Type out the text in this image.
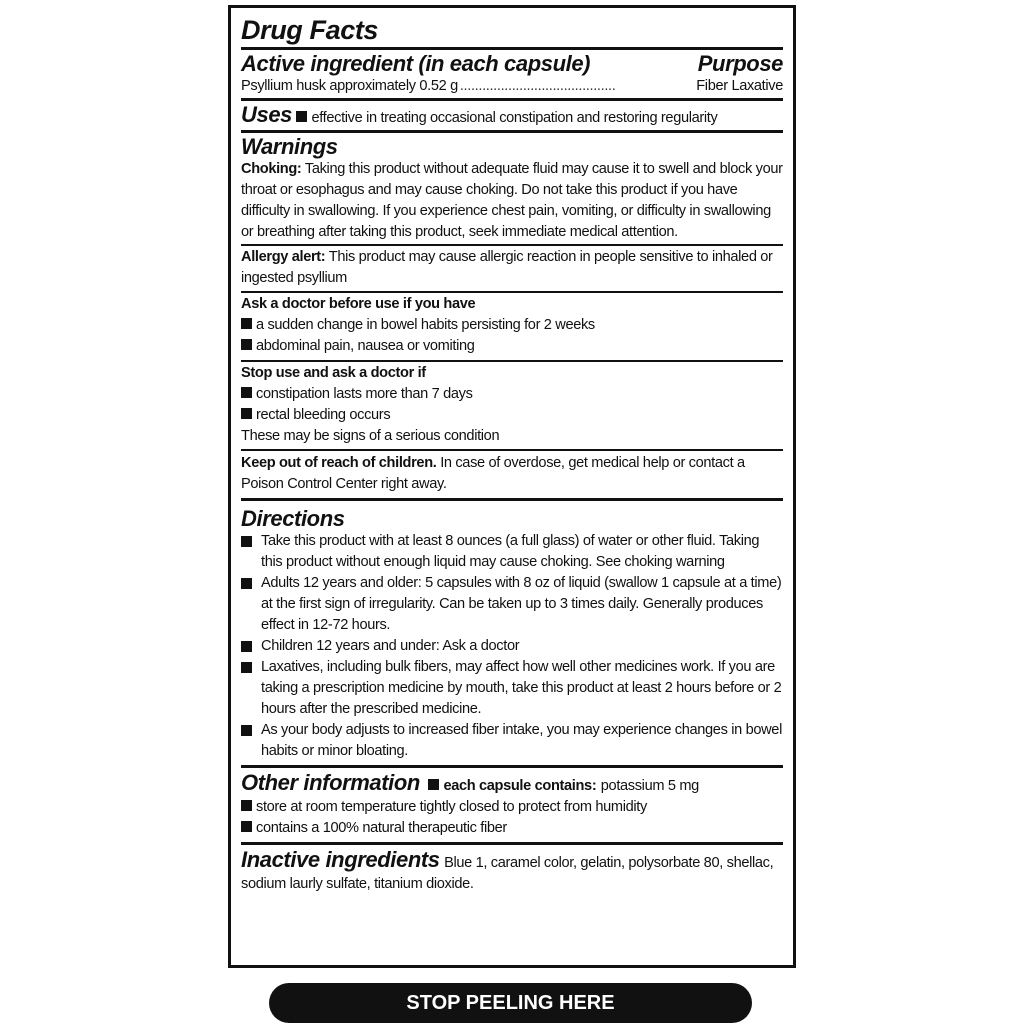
Drug Facts
Active ingredient (in each capsule)	Purpose
Psyllium husk approximately 0.52 g ..........................................	Fiber Laxative
Uses effective in treating occasional constipation and restoring regularity
Warnings
Choking: Taking this product without adequate fluid may cause it to swell and block your throat or esophagus and may cause choking. Do not take this product if you have difficulty in swallowing. If you experience chest pain, vomiting, or difficulty in swallowing or breathing after taking this product, seek immediate medical attention.
Allergy alert: This product may cause allergic reaction in people sensitive to inhaled or ingested psyllium
Ask a doctor before use if you have
a sudden change in bowel habits persisting for 2 weeks
abdominal pain, nausea or vomiting
Stop use and ask a doctor if
constipation lasts more than 7 days
rectal bleeding occurs
These may be signs of a serious condition
Keep out of reach of children. In case of overdose, get medical help or contact a Poison Control Center right away.
Directions
Take this product with at least 8 ounces (a full glass) of water or other fluid. Taking this product without enough liquid may cause choking. See choking warning
Adults 12 years and older: 5 capsules with 8 oz of liquid (swallow 1 capsule at a time) at the first sign of irregularity. Can be taken up to 3 times daily. Generally produces effect in 12-72 hours.
Children 12 years and under: Ask a doctor
Laxatives, including bulk fibers, may affect how well other medicines work. If you are taking a prescription medicine by mouth, take this product at least 2 hours before or 2 hours after the prescribed medicine.
As your body adjusts to increased fiber intake, you may experience changes in bowel habits or minor bloating.
Other information each capsule contains: potassium 5 mg
store at room temperature tightly closed to protect from humidity
contains a 100% natural therapeutic fiber
Inactive ingredients Blue 1, caramel color, gelatin, polysorbate 80, shellac, sodium laurly sulfate, titanium dioxide.
STOP PEELING HERE
